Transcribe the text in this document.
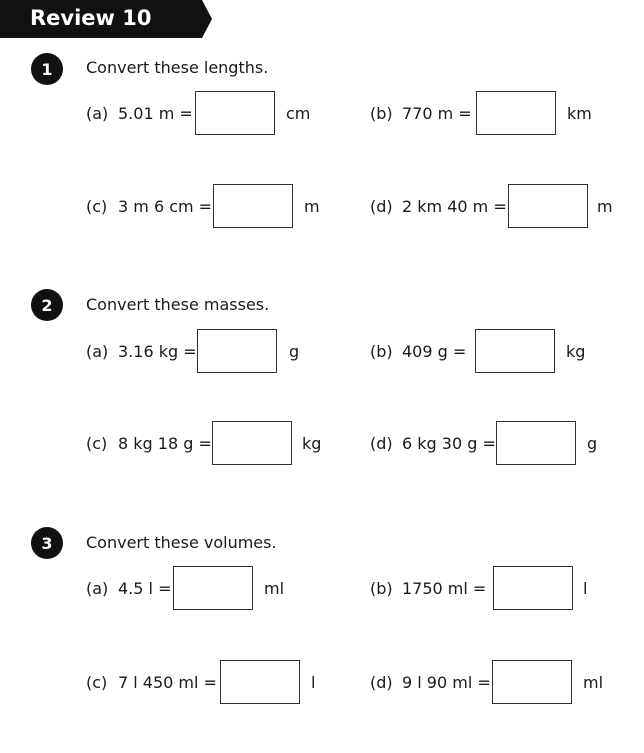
Review 10
1	Convert these lengths.
(a) 5.01 m =	cm	(b) 770 m =	km
(c) 3 m 6 cm =	m	(d) 2 km 40 m =	m
2	Convert these masses.
(a) 3.16 kg =	g	(b) 409 g =	kg
(c) 8 kg 18 g =	kg	(d) 6 kg 30 g =	g
3	Convert these volumes.
(a) 4.5 l =	ml	(b) 1750 ml =	l
(c) 7 l 450 ml =	l	(d) 9 l 90 ml =	ml
